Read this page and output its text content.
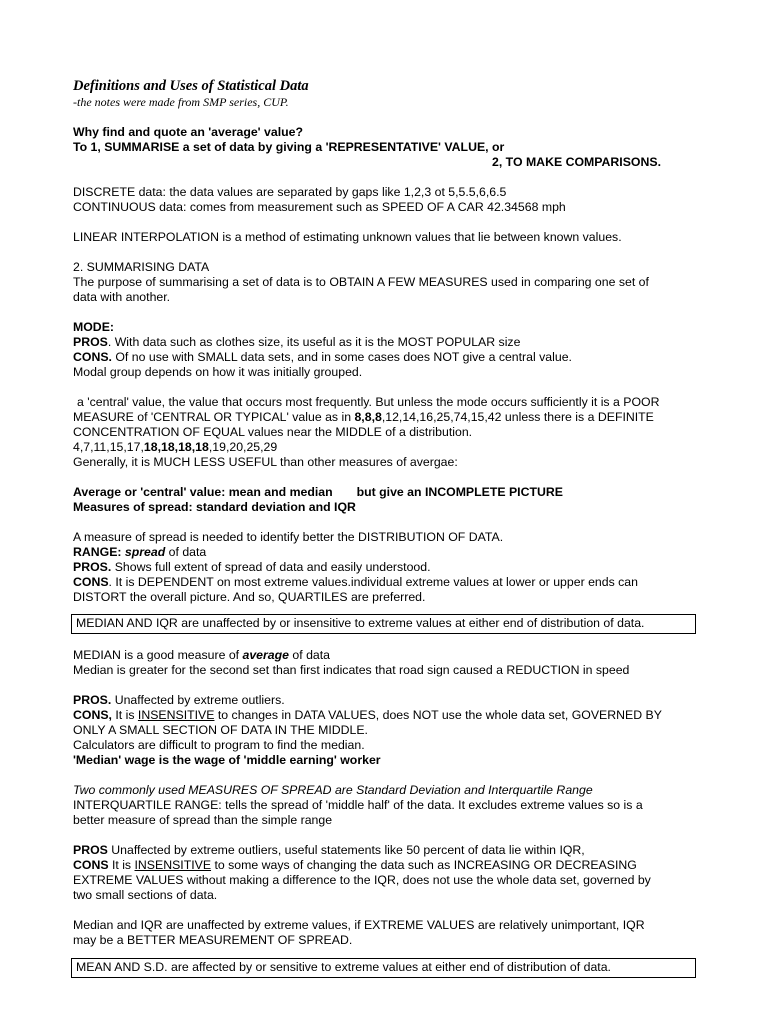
Definitions and Uses of Statistical Data

-the notes were made from SMP series, CUP.

Why find and quote an 'average' value?

To 1, SUMMARISE a set of data by giving a 'REPRESENTATIVE' VALUE, or

2, TO MAKE COMPARISONS.

DISCRETE data: the data values are separated by gaps like 1,2,3 ot 5,5.5,6,6.5

CONTINUOUS data: comes from measurement such as SPEED OF A CAR 42.34568 mph

LINEAR INTERPOLATION is a method of estimating unknown values that lie between known values.

2. SUMMARISING DATA

The purpose of summarising a set of data is to OBTAIN A FEW MEASURES used in comparing one set of

data with another.

MODE:

PROS. With data such as clothes size, its useful as it is the MOST POPULAR size

CONS. Of no use with SMALL data sets, and in some cases does NOT give a central value.

Modal group depends on how it was initially grouped.

a 'central' value, the value that occurs most frequently. But unless the mode occurs sufficiently it is a POOR

MEASURE of 'CENTRAL OR TYPICAL' value as in 8,8,8,12,14,16,25,74,15,42 unless there is a DEFINITE

CONCENTRATION OF EQUAL values near the MIDDLE of a distribution.

4,7,11,15,17,18,18,18,18,19,20,25,29

Generally, it is MUCH LESS USEFUL than other measures of avergae:

Average or 'central' value: mean and median but give an INCOMPLETE PICTURE

Measures of spread: standard deviation and IQR

A measure of spread is needed to identify better the DISTRIBUTION OF DATA.

RANGE: spread of data

PROS. Shows full extent of spread of data and easily understood.

CONS. It is DEPENDENT on most extreme values.individual extreme values at lower or upper ends can

DISTORT the overall picture. And so, QUARTILES are preferred.

MEDIAN AND IQR are unaffected by or insensitive to extreme values at either end of distribution of data.

MEDIAN is a good measure of average of data

Median is greater for the second set than first indicates that road sign caused a REDUCTION in speed

PROS. Unaffected by extreme outliers.

CONS, It is INSENSITIVE to changes in DATA VALUES, does NOT use the whole data set, GOVERNED BY

ONLY A SMALL SECTION OF DATA IN THE MIDDLE.

Calculators are difficult to program to find the median.

'Median' wage is the wage of 'middle earning' worker

Two commonly used MEASURES OF SPREAD are Standard Deviation and Interquartile Range

INTERQUARTILE RANGE: tells the spread of 'middle half' of the data. It excludes extreme values so is a

better measure of spread than the simple range

PROS Unaffected by extreme outliers, useful statements like 50 percent of data lie within IQR,

CONS It is INSENSITIVE to some ways of changing the data such as INCREASING OR DECREASING

EXTREME VALUES without making a difference to the IQR, does not use the whole data set, governed by

two small sections of data.

Median and IQR are unaffected by extreme values, if EXTREME VALUES are relatively unimportant, IQR

may be a BETTER MEASUREMENT OF SPREAD.

MEAN AND S.D. are affected by or sensitive to extreme values at either end of distribution of data.
